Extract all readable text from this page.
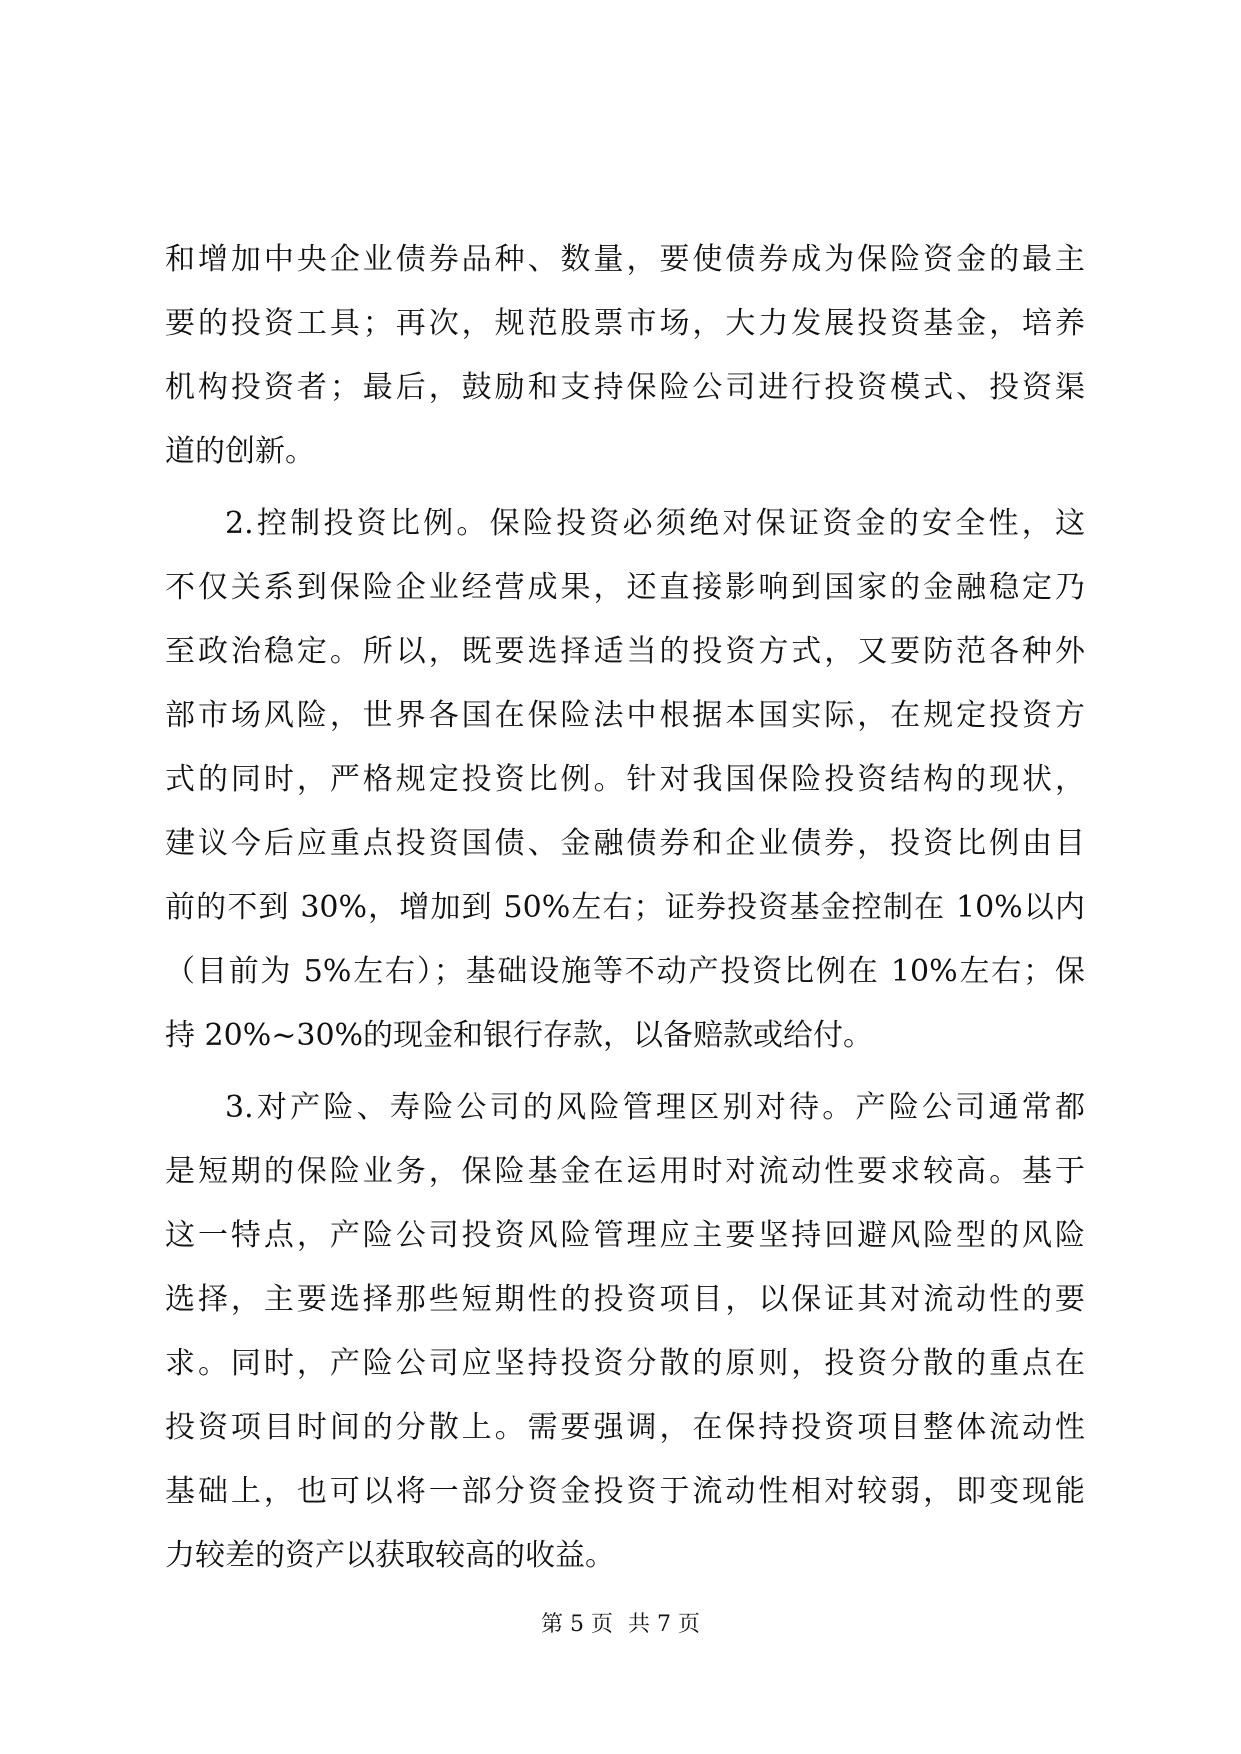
和增加中央企业债券品种、数量，要使债券成为保险资金的最主
要的投资工具；再次，规范股票市场，大力发展投资基金，培养
机构投资者；最后，鼓励和支持保险公司进行投资模式、投资渠
道的创新。
2.控制投资比例。保险投资必须绝对保证资金的安全性，这
不仅关系到保险企业经营成果，还直接影响到国家的金融稳定乃
至政治稳定。所以，既要选择适当的投资方式，又要防范各种外
部市场风险，世界各国在保险法中根据本国实际，在规定投资方
式的同时，严格规定投资比例。针对我国保险投资结构的现状，
建议今后应重点投资国债、金融债券和企业债券，投资比例由目
前的不到 30%，增加到 50%左右；证券投资基金控制在 10%以内
（目前为 5%左右）；基础设施等不动产投资比例在 10%左右；保
持 20%~30%的现金和银行存款，以备赔款或给付。
3.对产险、寿险公司的风险管理区别对待。产险公司通常都
是短期的保险业务，保险基金在运用时对流动性要求较高。基于
这一特点，产险公司投资风险管理应主要坚持回避风险型的风险
选择，主要选择那些短期性的投资项目，以保证其对流动性的要
求。同时，产险公司应坚持投资分散的原则，投资分散的重点在
投资项目时间的分散上。需要强调，在保持投资项目整体流动性
基础上，也可以将一部分资金投资于流动性相对较弱，即变现能
力较差的资产以获取较高的收益。
第 5 页 共 7 页
